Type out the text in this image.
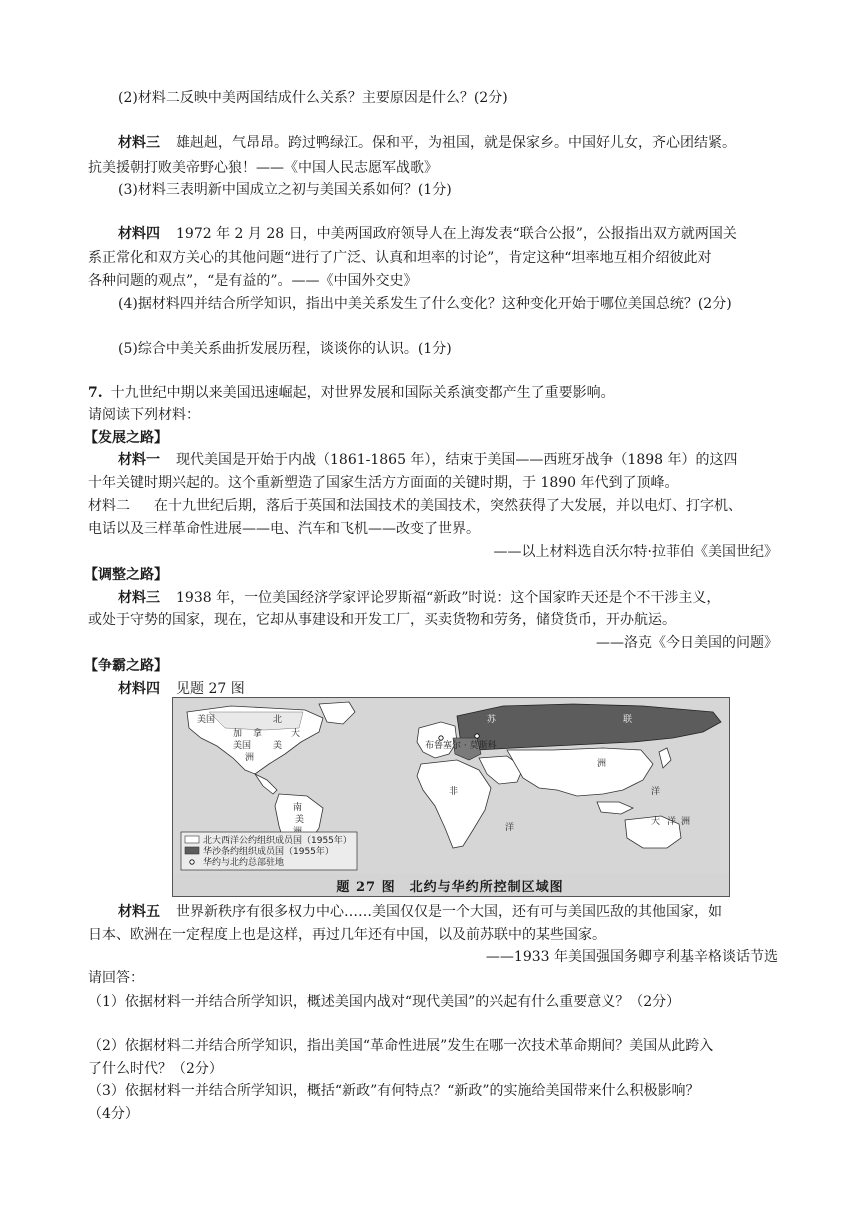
(2)材料二反映中美两国结成什么关系？主要原因是什么？(2分)
材料三 雄赳赳，气昂昂。跨过鸭绿江。保和平，为祖国，就是保家乡。中国好儿女，齐心团结紧。
抗美援朝打败美帝野心狼！——《中国人民志愿军战歌》
(3)材料三表明新中国成立之初与美国关系如何？(1分)
材料四 1972 年 2 月 28 日，中美两国政府领导人在上海发表“联合公报”，公报指出双方就两国关
系正常化和双方关心的其他问题“进行了广泛、认真和坦率的讨论”，肯定这种“坦率地互相介绍彼此对
各种问题的观点”，“是有益的”。——《中国外交史》
(4)据材料四并结合所学知识，指出中美关系发生了什么变化？这种变化开始于哪位美国总统？(2分)
(5)综合中美关系曲折发展历程，谈谈你的认识。(1分)
7. 十九世纪中期以来美国迅速崛起，对世界发展和国际关系演变都产生了重要影响。
请阅读下列材料：
【发展之路】
材料一 现代美国是开始于内战（1861-1865 年），结束于美国——西班牙战争（1898 年）的这四
十年关键时期兴起的。这个重新塑造了国家生活方方面面的关键时期，于 1890 年代到了顶峰。
材料二 在十九世纪后期，落后于英国和法国技术的美国技术，突然获得了大发展，并以电灯、打字机、
电话以及三样革命性进展——电、汽车和飞机——改变了世界。
——以上材料选自沃尔特·拉菲伯《美国世纪》
【调整之路】
材料三 1938 年，一位美国经济学家评论罗斯福“新政”时说：这个国家昨天还是个不干涉主义，
或处于守势的国家，现在，它却从事建设和开发工厂，买卖货物和劳务，储贷货币，开办航运。
——洛克《今日美国的问题》
【争霸之路】
材料四 见题 27 图
美国	北
加 拿	大
美国 美
洲
南
美
布鲁塞尔 · 莫斯科
苏	联
洲
非	洋
洋
大 洋 洲
北大西洋公约组织成员国（1955年）
华沙条约组织成员国（1955年）
华约与北约总部驻地
题 27 图　北约与华约所控制区域图
材料五 世界新秩序有很多权力中心……美国仅仅是一个大国，还有可与美国匹敌的其他国家，如
日本、欧洲在一定程度上也是这样，再过几年还有中国，以及前苏联中的某些国家。
——1933 年美国强国务卿亨利基辛格谈话节选
请回答：
（1）依据材料一并结合所学知识，概述美国内战对“现代美国”的兴起有什么重要意义？（2分）
（2）依据材料二并结合所学知识，指出美国“革命性进展”发生在哪一次技术革命期间？美国从此跨入
了什么时代？（2分）
（3）依据材料一并结合所学知识，概括“新政”有何特点？“新政”的实施给美国带来什么积极影响？
（4分）
